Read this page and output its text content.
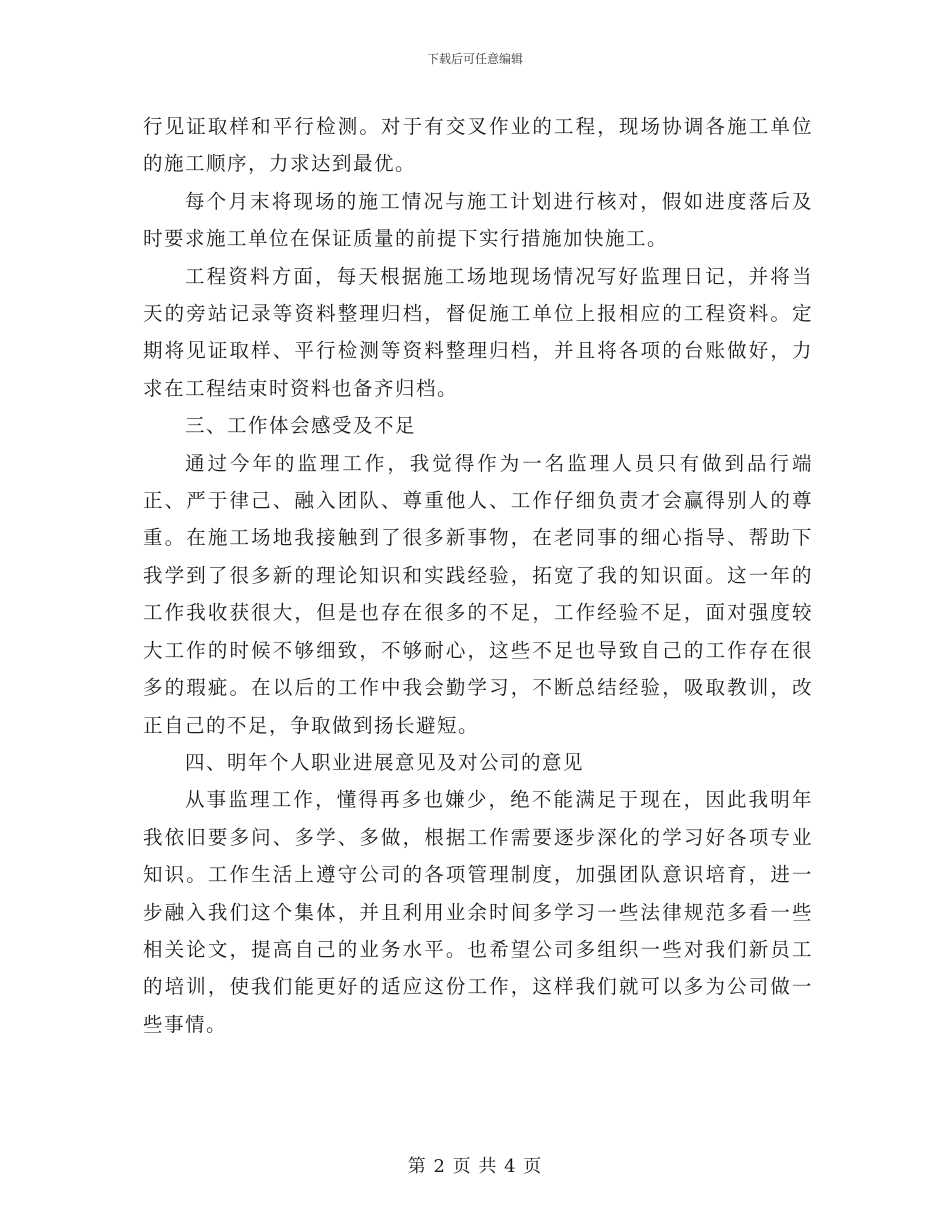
下载后可任意编辑

行见证取样和平行检测。对于有交叉作业的工程，现场协调各施工单位的施工顺序，力求达到最优。

每个月末将现场的施工情况与施工计划进行核对，假如进度落后及时要求施工单位在保证质量的前提下实行措施加快施工。

工程资料方面，每天根据施工场地现场情况写好监理日记，并将当天的旁站记录等资料整理归档，督促施工单位上报相应的工程资料。定期将见证取样、平行检测等资料整理归档，并且将各项的台账做好，力求在工程结束时资料也备齐归档。

三、工作体会感受及不足

通过今年的监理工作，我觉得作为一名监理人员只有做到品行端正、严于律己、融入团队、尊重他人、工作仔细负责才会赢得别人的尊重。在施工场地我接触到了很多新事物，在老同事的细心指导、帮助下我学到了很多新的理论知识和实践经验，拓宽了我的知识面。这一年的工作我收获很大，但是也存在很多的不足，工作经验不足，面对强度较大工作的时候不够细致，不够耐心，这些不足也导致自己的工作存在很多的瑕疵。在以后的工作中我会勤学习，不断总结经验，吸取教训，改正自己的不足，争取做到扬长避短。

四、明年个人职业进展意见及对公司的意见

从事监理工作，懂得再多也嫌少，绝不能满足于现在，因此我明年我依旧要多问、多学、多做，根据工作需要逐步深化的学习好各项专业知识。工作生活上遵守公司的各项管理制度，加强团队意识培育，进一步融入我们这个集体，并且利用业余时间多学习一些法律规范多看一些相关论文，提高自己的业务水平。也希望公司多组织一些对我们新员工的培训，使我们能更好的适应这份工作，这样我们就可以多为公司做一些事情。

第 2 页 共 4 页
